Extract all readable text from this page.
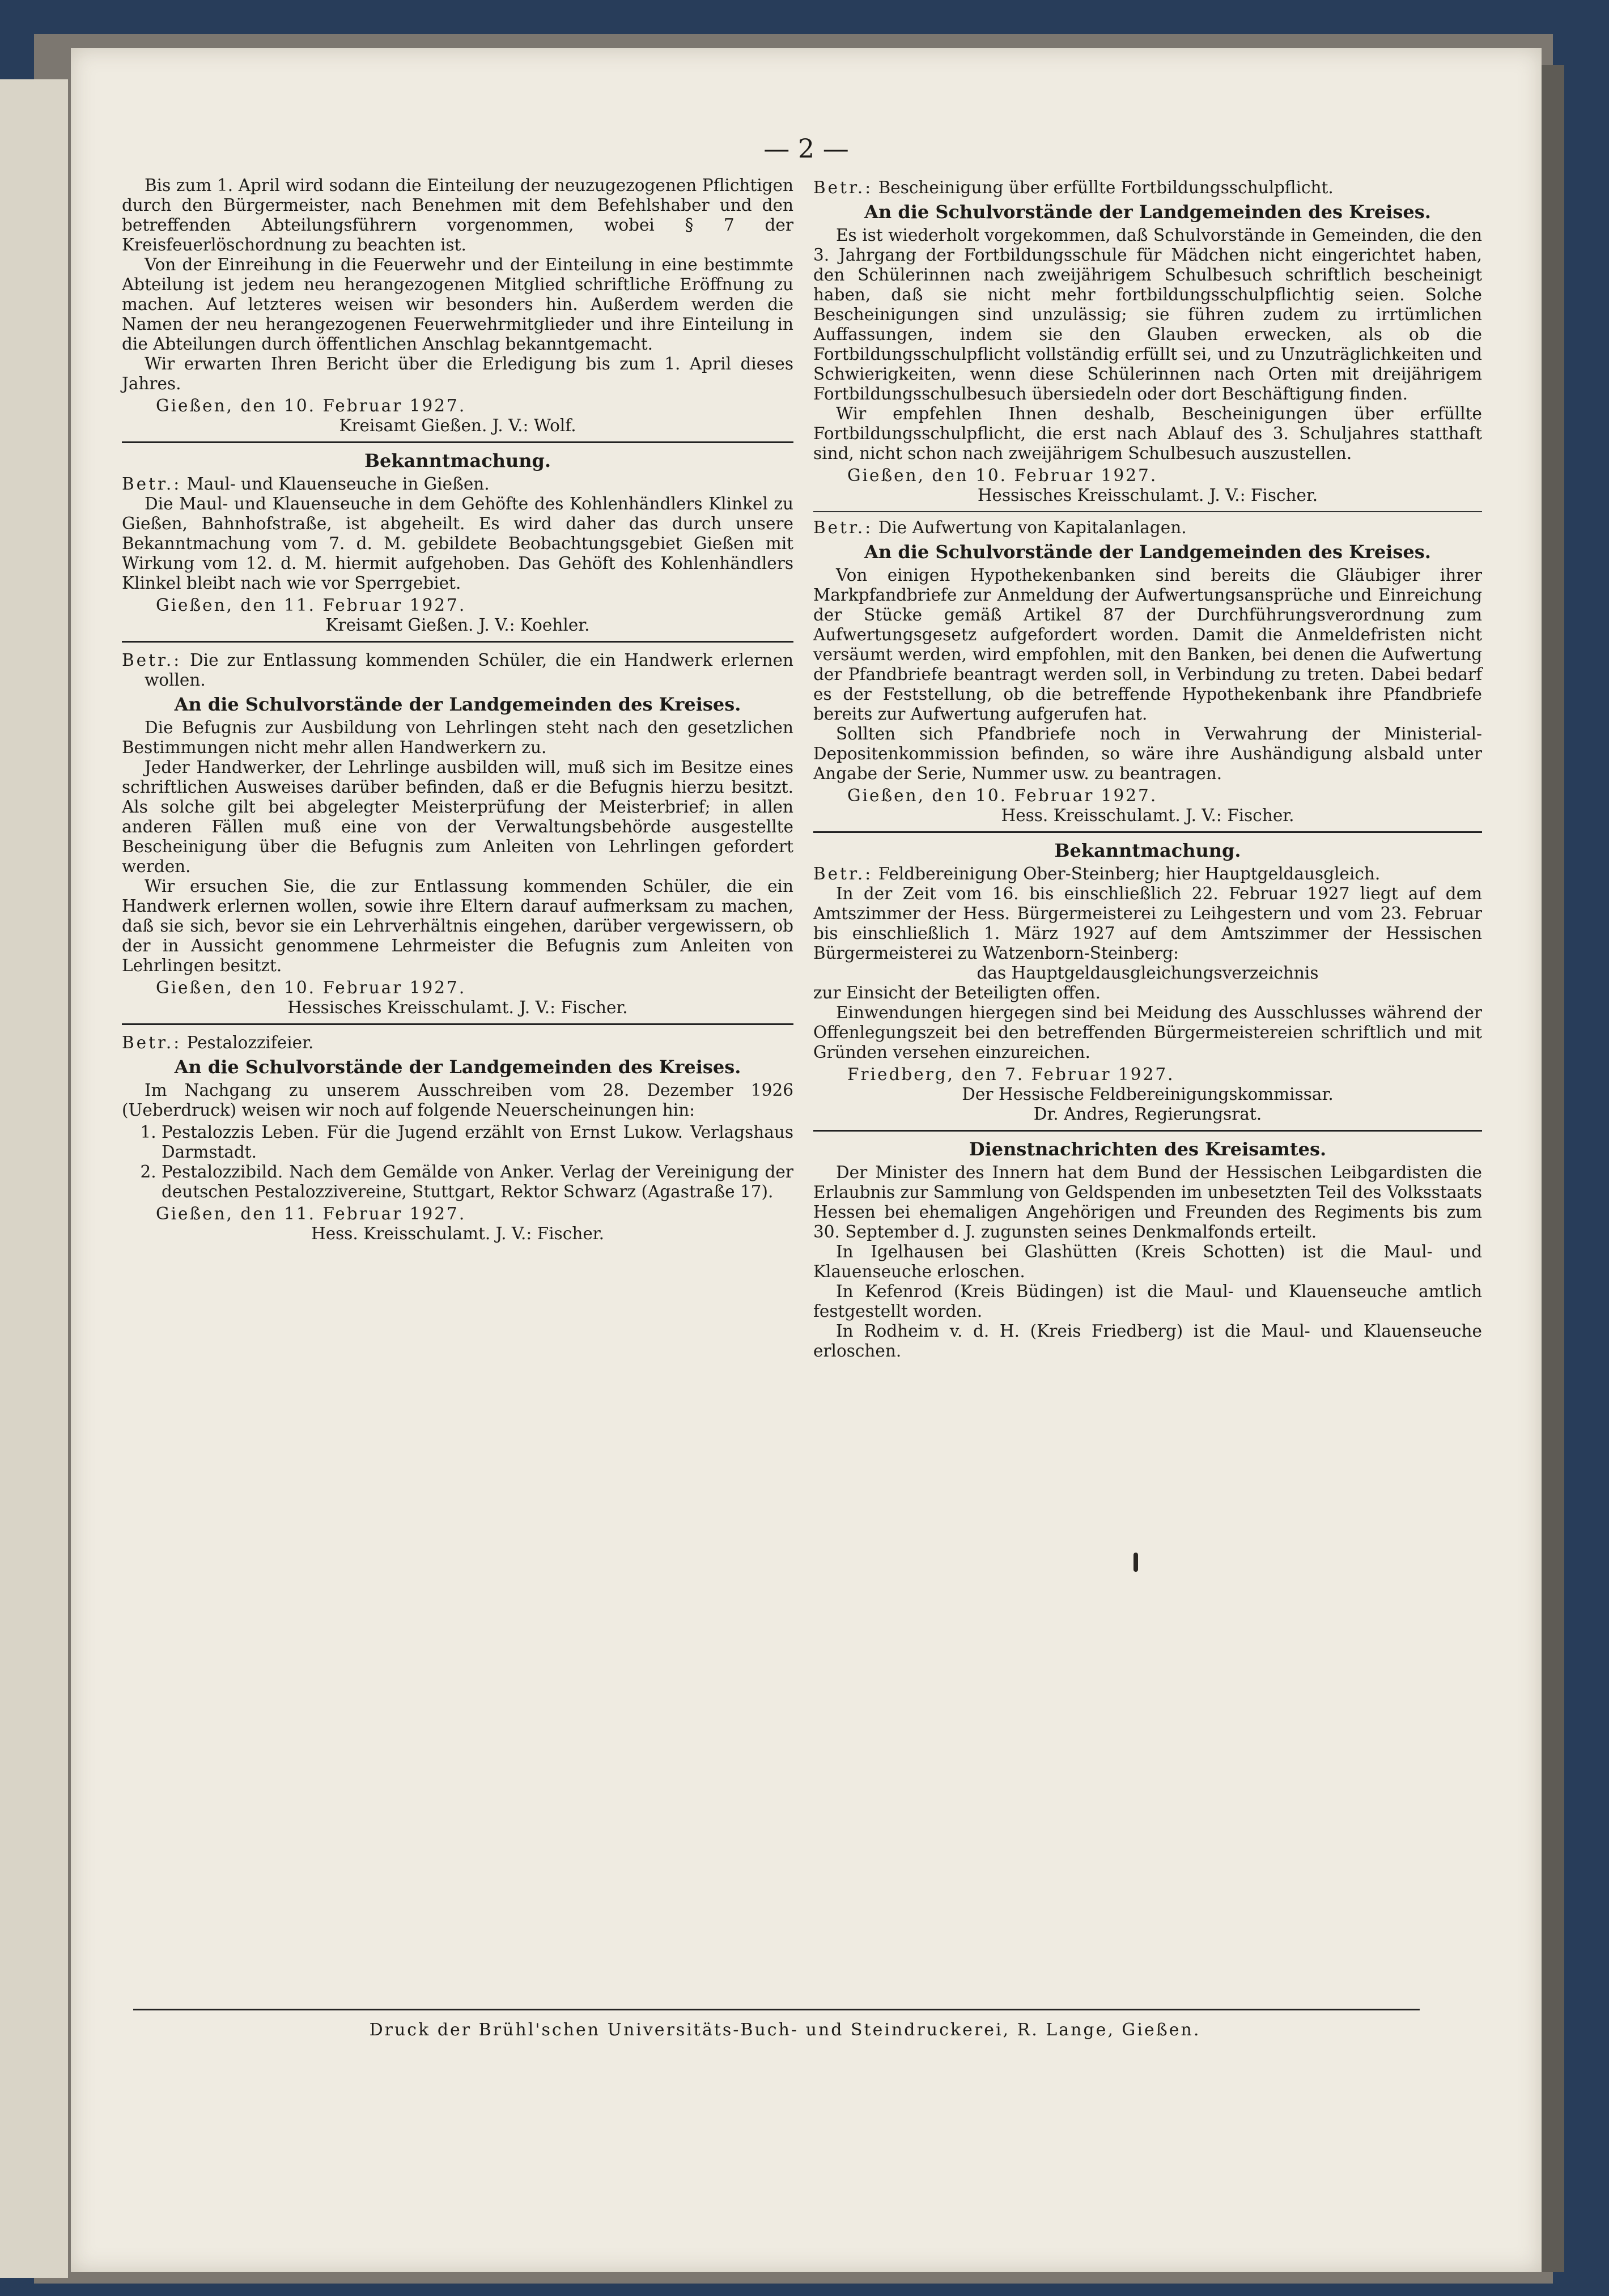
— 2 —

Bis zum 1. April wird sodann die Einteilung der neuzugezogenen Pflichtigen durch den Bürgermeister, nach Benehmen mit dem Befehlshaber und den betreffenden Abteilungsführern vorgenommen, wobei § 7 der Kreisfeuerlöschordnung zu beachten ist.

Von der Einreihung in die Feuerwehr und der Einteilung in eine bestimmte Abteilung ist jedem neu herangezogenen Mitglied schriftliche Eröffnung zu machen. Auf letzteres weisen wir besonders hin. Außerdem werden die Namen der neu herangezogenen Feuerwehrmitglieder und ihre Einteilung in die Abteilungen durch öffentlichen Anschlag bekanntgemacht.

Wir erwarten Ihren Bericht über die Erledigung bis zum 1. April dieses Jahres.

Gießen, den 10. Februar 1927.

Kreisamt Gießen. J. V.: Wolf.

Bekanntmachung.

Betr.: Maul- und Klauenseuche in Gießen.

Die Maul- und Klauenseuche in dem Gehöfte des Kohlenhändlers Klinkel zu Gießen, Bahnhofstraße, ist abgeheilt. Es wird daher das durch unsere Bekanntmachung vom 7. d. M. gebildete Beobachtungsgebiet Gießen mit Wirkung vom 12. d. M. hiermit aufgehoben. Das Gehöft des Kohlenhändlers Klinkel bleibt nach wie vor Sperrgebiet.

Gießen, den 11. Februar 1927.

Kreisamt Gießen. J. V.: Koehler.

Betr.: Die zur Entlassung kommenden Schüler, die ein Handwerk erlernen wollen.

An die Schulvorstände der Landgemeinden des Kreises.

Die Befugnis zur Ausbildung von Lehrlingen steht nach den gesetzlichen Bestimmungen nicht mehr allen Handwerkern zu.

Jeder Handwerker, der Lehrlinge ausbilden will, muß sich im Besitze eines schriftlichen Ausweises darüber befinden, daß er die Befugnis hierzu besitzt. Als solche gilt bei abgelegter Meisterprüfung der Meisterbrief; in allen anderen Fällen muß eine von der Verwaltungsbehörde ausgestellte Bescheinigung über die Befugnis zum Anleiten von Lehrlingen gefordert werden.

Wir ersuchen Sie, die zur Entlassung kommenden Schüler, die ein Handwerk erlernen wollen, sowie ihre Eltern darauf aufmerksam zu machen, daß sie sich, bevor sie ein Lehrverhältnis eingehen, darüber vergewissern, ob der in Aussicht genommene Lehrmeister die Befugnis zum Anleiten von Lehrlingen besitzt.

Gießen, den 10. Februar 1927.

Hessisches Kreisschulamt. J. V.: Fischer.

Betr.: Pestalozzifeier.

An die Schulvorstände der Landgemeinden des Kreises.

Im Nachgang zu unserem Ausschreiben vom 28. Dezember 1926 (Ueberdruck) weisen wir noch auf folgende Neuerscheinungen hin:

1. Pestalozzis Leben. Für die Jugend erzählt von Ernst Lukow. Verlagshaus Darmstadt.
2. Pestalozzibild. Nach dem Gemälde von Anker. Verlag der Vereinigung der deutschen Pestalozzivereine, Stuttgart, Rektor Schwarz (Agastraße 17).

Gießen, den 11. Februar 1927.

Hess. Kreisschulamt. J. V.: Fischer.

Betr.: Bescheinigung über erfüllte Fortbildungsschulpflicht.

An die Schulvorstände der Landgemeinden des Kreises.

Es ist wiederholt vorgekommen, daß Schulvorstände in Gemeinden, die den 3. Jahrgang der Fortbildungsschule für Mädchen nicht eingerichtet haben, den Schülerinnen nach zweijährigem Schulbesuch schriftlich bescheinigt haben, daß sie nicht mehr fortbildungsschulpflichtig seien. Solche Bescheinigungen sind unzulässig; sie führen zudem zu irrtümlichen Auffassungen, indem sie den Glauben erwecken, als ob die Fortbildungsschulpflicht vollständig erfüllt sei, und zu Unzuträglichkeiten und Schwierigkeiten, wenn diese Schülerinnen nach Orten mit dreijährigem Fortbildungsschulbesuch übersiedeln oder dort Beschäftigung finden.

Wir empfehlen Ihnen deshalb, Bescheinigungen über erfüllte Fortbildungsschulpflicht, die erst nach Ablauf des 3. Schuljahres statthaft sind, nicht schon nach zweijährigem Schulbesuch auszustellen.

Gießen, den 10. Februar 1927.

Hessisches Kreisschulamt. J. V.: Fischer.

Betr.: Die Aufwertung von Kapitalanlagen.

An die Schulvorstände der Landgemeinden des Kreises.

Von einigen Hypothekenbanken sind bereits die Gläubiger ihrer Markpfandbriefe zur Anmeldung der Aufwertungsansprüche und Einreichung der Stücke gemäß Artikel 87 der Durchführungsverordnung zum Aufwertungsgesetz aufgefordert worden. Damit die Anmeldefristen nicht versäumt werden, wird empfohlen, mit den Banken, bei denen die Aufwertung der Pfandbriefe beantragt werden soll, in Verbindung zu treten. Dabei bedarf es der Feststellung, ob die betreffende Hypothekenbank ihre Pfandbriefe bereits zur Aufwertung aufgerufen hat.

Sollten sich Pfandbriefe noch in Verwahrung der Ministerial-Depositenkommission befinden, so wäre ihre Aushändigung alsbald unter Angabe der Serie, Nummer usw. zu beantragen.

Gießen, den 10. Februar 1927.

Hess. Kreisschulamt. J. V.: Fischer.

Bekanntmachung.

Betr.: Feldbereinigung Ober-Steinberg; hier Hauptgeldausgleich.

In der Zeit vom 16. bis einschließlich 22. Februar 1927 liegt auf dem Amtszimmer der Hess. Bürgermeisterei zu Leihgestern und vom 23. Februar bis einschließlich 1. März 1927 auf dem Amtszimmer der Hessischen Bürgermeisterei zu Watzenborn-Steinberg:

das Hauptgeldausgleichungsverzeichnis

zur Einsicht der Beteiligten offen.

Einwendungen hiergegen sind bei Meidung des Ausschlusses während der Offenlegungszeit bei den betreffenden Bürgermeistereien schriftlich und mit Gründen versehen einzureichen.

Friedberg, den 7. Februar 1927.

Der Hessische Feldbereinigungskommissar.

Dr. Andres, Regierungsrat.

Dienstnachrichten des Kreisamtes.

Der Minister des Innern hat dem Bund der Hessischen Leibgardisten die Erlaubnis zur Sammlung von Geldspenden im unbesetzten Teil des Volksstaats Hessen bei ehemaligen Angehörigen und Freunden des Regiments bis zum 30. September d. J. zugunsten seines Denkmalfonds erteilt.

In Igelhausen bei Glashütten (Kreis Schotten) ist die Maul- und Klauenseuche erloschen.

In Kefenrod (Kreis Büdingen) ist die Maul- und Klauenseuche amtlich festgestellt worden.

In Rodheim v. d. H. (Kreis Friedberg) ist die Maul- und Klauenseuche erloschen.

Druck der Brühl'schen Universitäts-Buch- und Steindruckerei, R. Lange, Gießen.
